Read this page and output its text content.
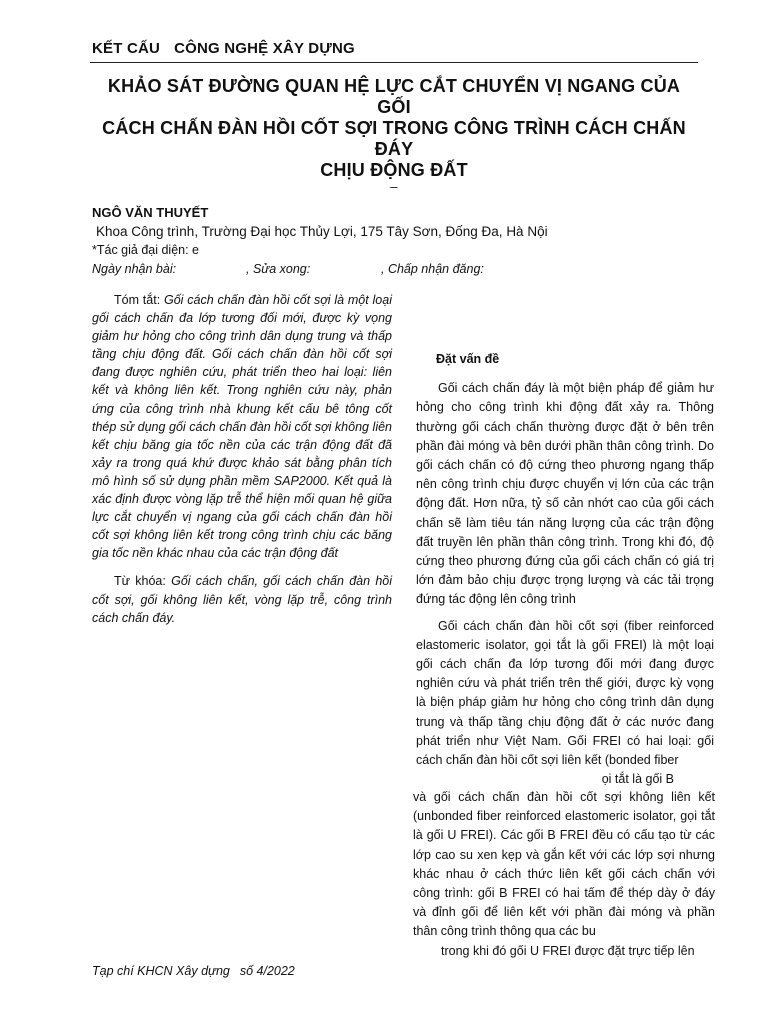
KẾT CẤU CÔNG NGHỆ XÂY DỰNG
KHẢO SÁT ĐƯỜNG QUAN HỆ LỰC CẮT CHUYỂN VỊ NGANG CỦA GỐI
CÁCH CHẤN ĐÀN HỒI CỐT SỢI TRONG CÔNG TRÌNH CÁCH CHẤN ĐÁY
CHỊU ĐỘNG ĐẤT
–
NGÔ VĂN THUYẾT
Khoa Công trình, Trường Đại học Thủy Lợi, 175 Tây Sơn, Đống Đa, Hà Nội
*Tác giả đại diện: e
Ngày nhận bài:	, Sửa xong:	, Chấp nhận đăng:

Tóm tắt: Gối cách chấn đàn hồi cốt sợi là một loại gối cách chấn đa lớp tương đối mới, được kỳ vọng giảm hư hỏng cho công trình dân dụng trung và thấp tầng chịu động đất. Gối cách chấn đàn hồi cốt sợi đang được nghiên cứu, phát triển theo hai loại: liên kết và không liên kết. Trong nghiên cứu này, phản ứng của công trình nhà khung kết cấu bê tông cốt thép sử dụng gối cách chấn đàn hồi cốt sợi không liên kết chịu băng gia tốc nền của các trận động đất đã xảy ra trong quá khứ được khảo sát bằng phân tích mô hình số sử dụng phần mềm SAP2000. Kết quả là xác định được vòng lặp trễ thể hiện mối quan hệ giữa lực cắt chuyển vị ngang của gối cách chấn đàn hồi cốt sợi không liên kết trong công trình chịu các băng gia tốc nền khác nhau của các trận động đất

Từ khóa: Gối cách chấn, gối cách chấn đàn hồi cốt sợi, gối không liên kết, vòng lặp trễ, công trình cách chấn đáy.

Đặt vấn đề

Gối cách chấn đáy là một biện pháp để giảm hư hỏng cho công trình khi động đất xảy ra. Thông thường gối cách chấn thường được đặt ở bên trên phần đài móng và bên dưới phần thân công trình. Do gối cách chấn có độ cứng theo phương ngang thấp nên công trình chịu được chuyển vị lớn của các trận động đất. Hơn nữa, tỷ số cản nhớt cao của gối cách chấn sẽ làm tiêu tán năng lượng của các trận động đất truyền lên phần thân công trình. Trong khi đó, độ cứng theo phương đứng của gối cách chấn có giá trị lớn đảm bảo chịu được trọng lượng và các tải trọng đứng tác động lên công trình

Gối cách chấn đàn hồi cốt sợi (fiber reinforced elastomeric isolator, gọi tắt là gối FREI) là một loại gối cách chấn đa lớp tương đối mới đang được nghiên cứu và phát triển trên thế giới, được kỳ vọng là biện pháp giảm hư hỏng cho công trình dân dụng trung và thấp tầng chịu động đất ở các nước đang phát triển như Việt Nam. Gối FREI có hai loại: gối cách chấn đàn hồi cốt sợi liên kết (bonded fiber
ọi tắt là gối B

và gối cách chấn đàn hồi cốt sợi không liên kết (unbonded fiber reinforced elastomeric isolator, gọi tắt là gối U FREI). Các gối B FREI đều có cấu tạo từ các lớp cao su xen kẹp và gắn kết với các lớp sợi nhưng khác nhau ở cách thức liên kết gối cách chấn với công trình: gối B FREI có hai tấm để thép dày ở đáy và đỉnh gối để liên kết với phần đài móng và phần thân công trình thông qua các bu

trong khi đó gối U FREI được đặt trực tiếp lên

Tạp chí KHCN Xây dựng số 4/2022
